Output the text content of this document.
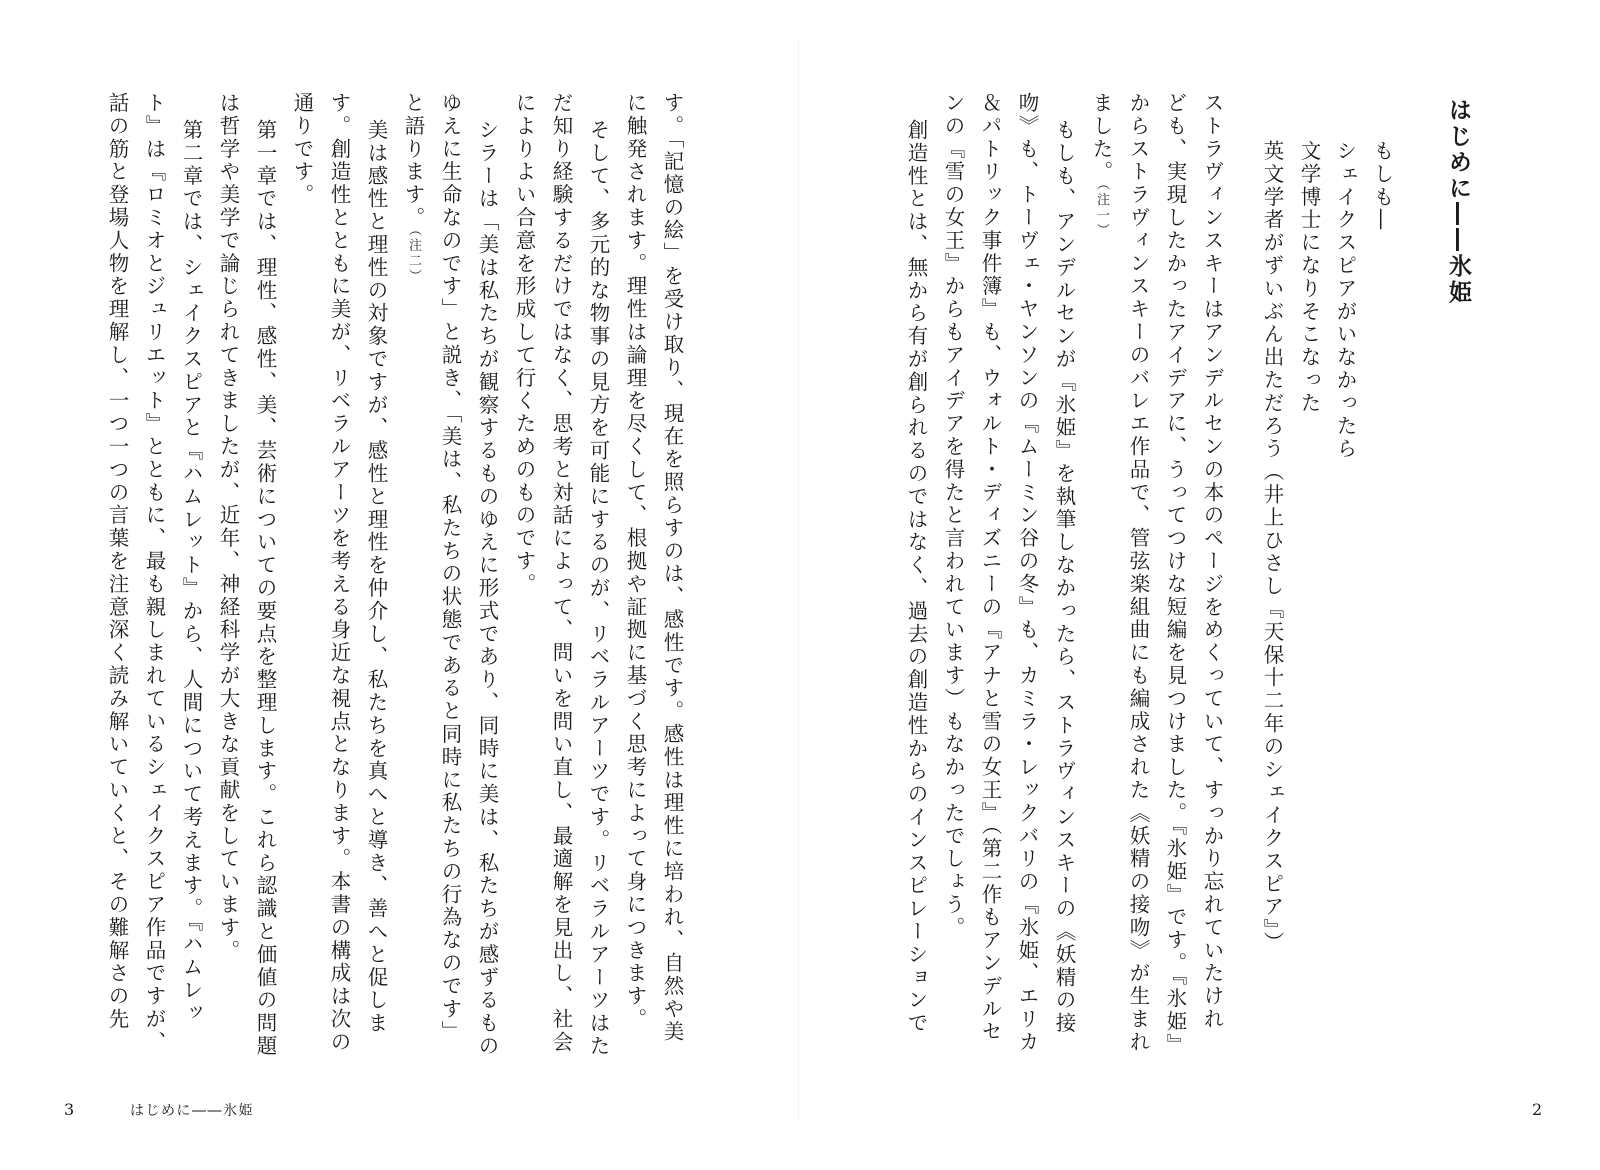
はじめに――氷姫
もしも―
シェイクスピアがいなかったら
文学博士になりそこなった
英文学者がずいぶん出ただろう（井上ひさし『天保十二年のシェイクスピア』）
ストラヴィンスキーはアンデルセンの本のページをめくっていて、すっかり忘れていたけれ
ども、実現したかったアイデアに、うってつけな短編を見つけました。『氷姫』です。『氷姫』
からストラヴィンスキーのバレエ作品で、管弦楽組曲にも編成された《妖精の接吻》が生まれ
ました。（注一）
もしも、アンデルセンが『氷姫』を執筆しなかったら、ストラヴィンスキーの《妖精の接
吻》も、トーヴェ・ヤンソンの『ムーミン谷の冬』も、カミラ・レックバリの『氷姫、エリカ
＆パトリック事件簿』も、ウォルト・ディズニーの『アナと雪の女王』（第二作もアンデルセ
ンの『雪の女王』からもアイデアを得たと言われています）もなかったでしょう。
創造性とは、無から有が創られるのではなく、過去の創造性からのインスピレーションで
2
す。「記憶の絵」を受け取り、現在を照らすのは、感性です。感性は理性に培われ、自然や美
に触発されます。理性は論理を尽くして、根拠や証拠に基づく思考によって身につきます。
そして、多元的な物事の見方を可能にするのが、リベラルアーツです。リベラルアーツはた
だ知り経験するだけではなく、思考と対話によって、問いを問い直し、最適解を見出し、社会
によりよい合意を形成して行くためのものです。
シラーは「美は私たちが観察するものゆえに形式であり、同時に美は、私たちが感ずるもの
ゆえに生命なのです」と説き、「美は、私たちの状態であると同時に私たちの行為なのです」
と語ります。（注二）
美は感性と理性の対象ですが、感性と理性を仲介し、私たちを真へと導き、善へと促しま
す。創造性とともに美が、リベラルアーツを考える身近な視点となります。本書の構成は次の
通りです。
第一章では、理性、感性、美、芸術についての要点を整理します。これら認識と価値の問題
は哲学や美学で論じられてきましたが、近年、神経科学が大きな貢献をしています。
第二章では、シェイクスピアと『ハムレット』から、人間について考えます。『ハムレッ
ト』は『ロミオとジュリエット』とともに、最も親しまれているシェイクスピア作品ですが、
話の筋と登場人物を理解し、一つ一つの言葉を注意深く読み解いていくと、その難解さの先
3	はじめに――氷姫
